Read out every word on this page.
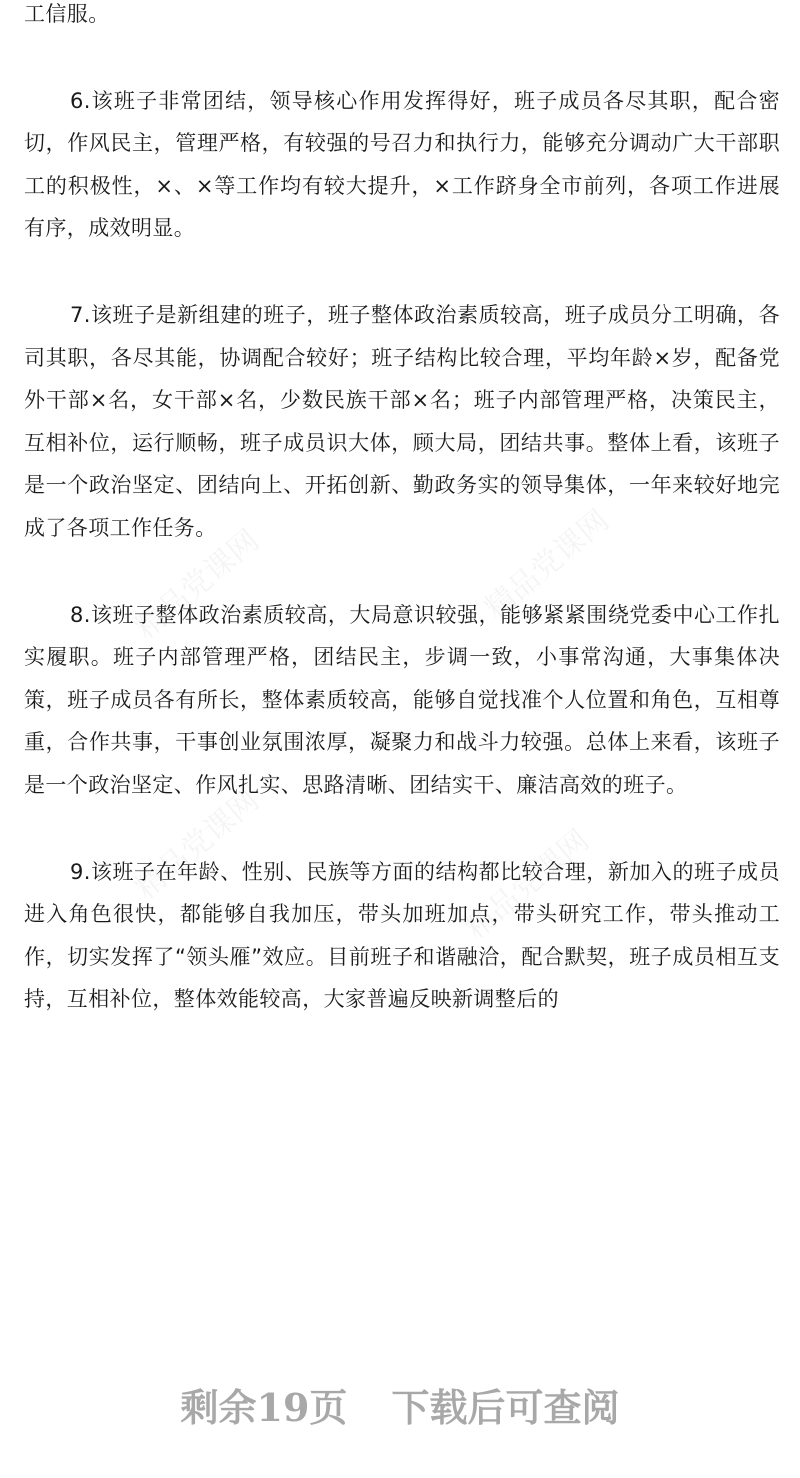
工信服。

6.该班子非常团结，领导核心作用发挥得好，班子成员各尽其职，配合密切，作风民主，管理严格，有较强的号召力和执行力，能够充分调动广大干部职工的积极性，×、×等工作均有较大提升，×工作跻身全市前列，各项工作进展有序，成效明显。

7.该班子是新组建的班子，班子整体政治素质较高，班子成员分工明确，各司其职，各尽其能，协调配合较好；班子结构比较合理，平均年龄×岁，配备党外干部×名，女干部×名，少数民族干部×名；班子内部管理严格，决策民主，互相补位，运行顺畅，班子成员识大体，顾大局，团结共事。整体上看，该班子是一个政治坚定、团结向上、开拓创新、勤政务实的领导集体，一年来较好地完成了各项工作任务。

8.该班子整体政治素质较高，大局意识较强，能够紧紧围绕党委中心工作扎实履职。班子内部管理严格，团结民主，步调一致，小事常沟通，大事集体决策，班子成员各有所长，整体素质较高，能够自觉找准个人位置和角色，互相尊重，合作共事，干事创业氛围浓厚，凝聚力和战斗力较强。总体上来看，该班子是一个政治坚定、作风扎实、思路清晰、团结实干、廉洁高效的班子。

9.该班子在年龄、性别、民族等方面的结构都比较合理，新加入的班子成员进入角色很快，都能够自我加压，带头加班加点，带头研究工作，带头推动工作，切实发挥了“领头雁”效应。目前班子和谐融洽，配合默契，班子成员相互支持，互相补位，整体效能较高，大家普遍反映新调整后的

剩余19页 下载后可查阅
